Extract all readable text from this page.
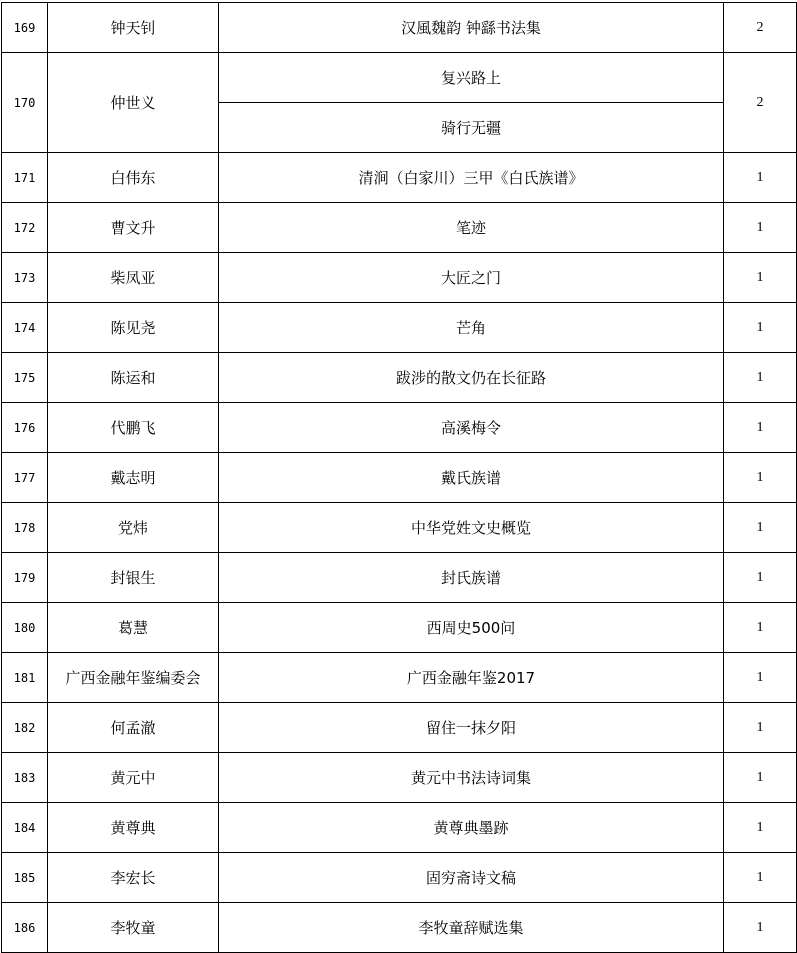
169	钟天钊	汉風魏韵 钟繇书法集	2
170	仲世义	复兴路上	2
		骑行无疆	
171	白伟东	清涧（白家川）三甲《白氏族谱》	1
172	曹文升	笔迹	1
173	柴凤亚	大匠之门	1
174	陈见尧	芒角	1
175	陈运和	跋涉的散文仍在长征路	1
176	代鹏飞	高溪梅令	1
177	戴志明	戴氏族谱	1
178	党炜	中华党姓文史概览	1
179	封银生	封氏族谱	1
180	葛慧	西周史500问	1
181	广西金融年鉴编委会	广西金融年鉴2017	1
182	何孟澈	留住一抹夕阳	1
183	黄元中	黄元中书法诗词集	1
184	黄尊典	黄尊典墨跡	1
185	李宏长	固穷斋诗文稿	1
186	李牧童	李牧童辞赋选集	1
